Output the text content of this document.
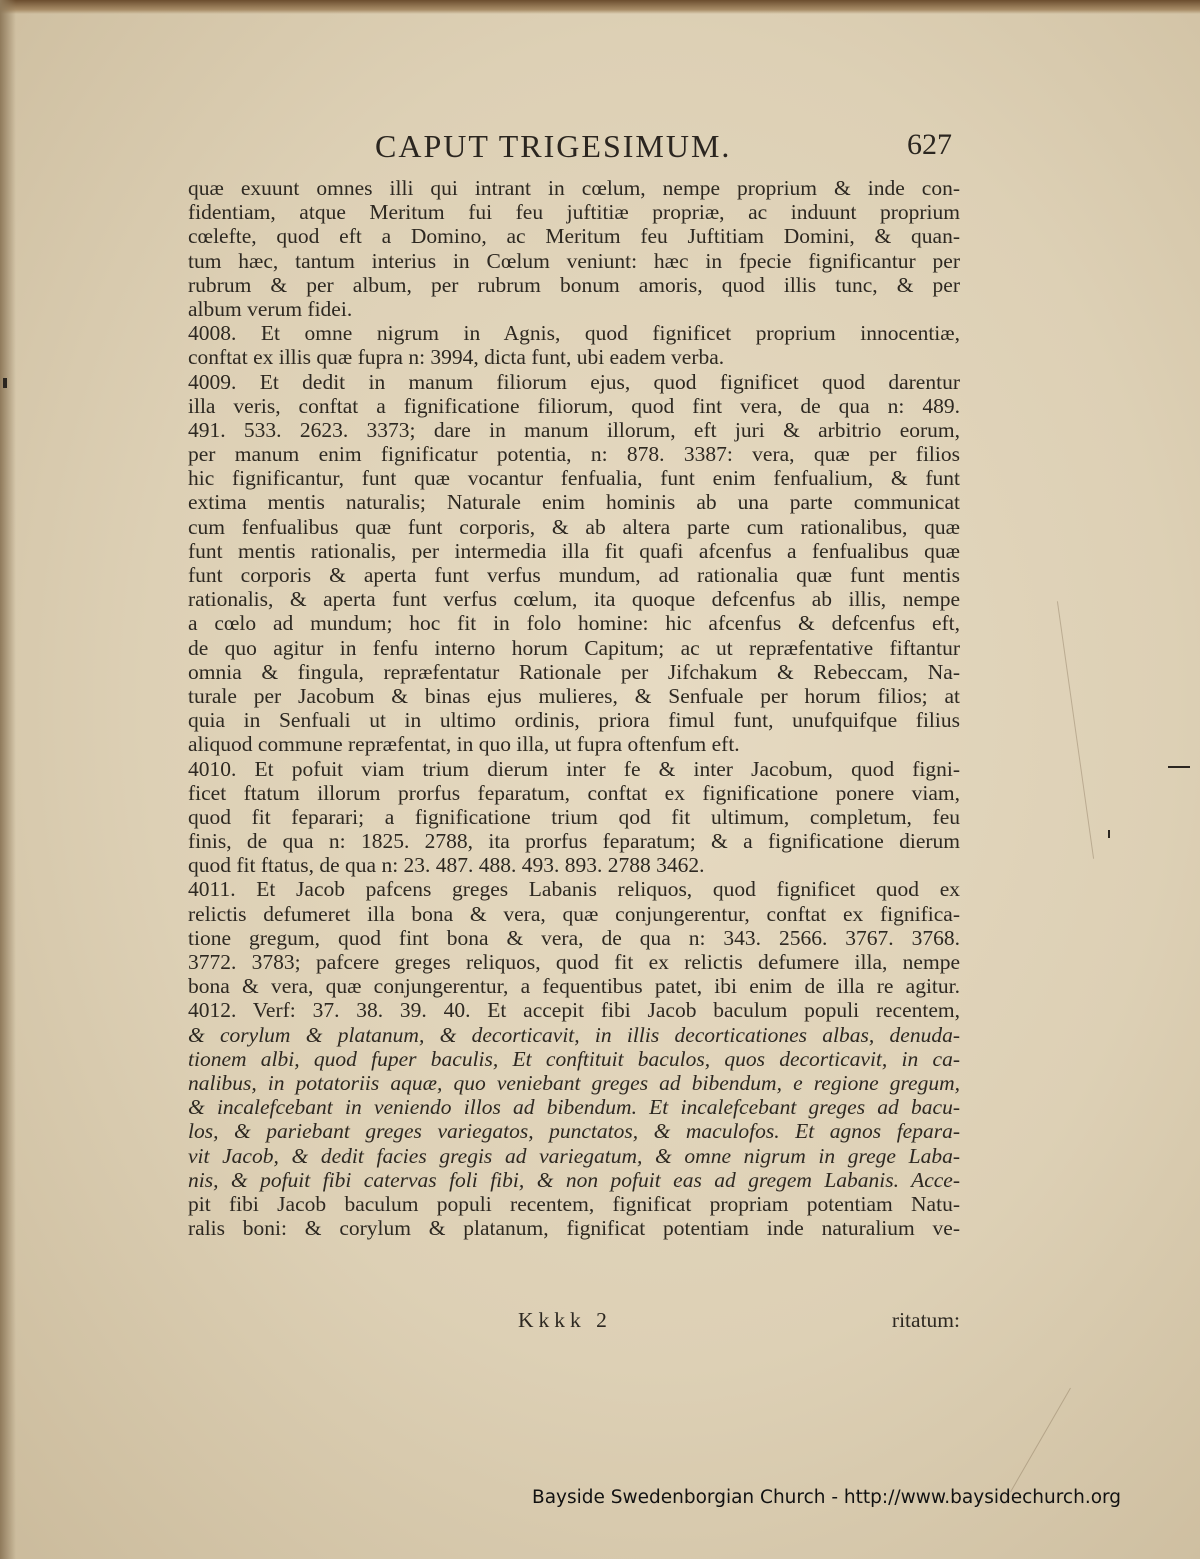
CAPUT TRIGESIMUM.	627
quæ exuunt omnes illi qui intrant in cœlum, nempe proprium & inde con-
fidentiam, atque Meritum fui feu juftitiæ propriæ, ac induunt proprium
cœlefte, quod eft a Domino, ac Meritum feu Juftitiam Domini, & quan-
tum hæc, tantum interius in Cœlum veniunt: hæc in fpecie fignificantur per
rubrum & per album, per rubrum bonum amoris, quod illis tunc, & per
album verum fidei.
4008. Et omne nigrum in Agnis, quod fignificet proprium innocentiæ,
conftat ex illis quæ fupra n: 3994, dicta funt, ubi eadem verba.
4009. Et dedit in manum filiorum ejus, quod fignificet quod darentur
illa veris, conftat a fignificatione filiorum, quod fint vera, de qua n: 489.
491. 533. 2623. 3373; dare in manum illorum, eft juri & arbitrio eorum,
per manum enim fignificatur potentia, n: 878. 3387: vera, quæ per filios
hic fignificantur, funt quæ vocantur fenfualia, funt enim fenfualium, & funt
extima mentis naturalis; Naturale enim hominis ab una parte communicat
cum fenfualibus quæ funt corporis, & ab altera parte cum rationalibus, quæ
funt mentis rationalis, per intermedia illa fit quafi afcenfus a fenfualibus quæ
funt corporis & aperta funt verfus mundum, ad rationalia quæ funt mentis
rationalis, & aperta funt verfus cœlum, ita quoque defcenfus ab illis, nempe
a cœlo ad mundum; hoc fit in folo homine: hic afcenfus & defcenfus eft,
de quo agitur in fenfu interno horum Capitum; ac ut repræfentative fiftantur
omnia & fingula, repræfentatur Rationale per Jifchakum & Rebeccam, Na-
turale per Jacobum & binas ejus mulieres, & Senfuale per horum filios; at
quia in Senfuali ut in ultimo ordinis, priora fimul funt, unufquifque filius
aliquod commune repræfentat, in quo illa, ut fupra oftenfum eft.
4010. Et pofuit viam trium dierum inter fe & inter Jacobum, quod figni-
ficet ftatum illorum prorfus feparatum, conftat ex fignificatione ponere viam,
quod fit feparari; a fignificatione trium qod fit ultimum, completum, feu
finis, de qua n: 1825. 2788, ita prorfus feparatum; & a fignificatione dierum
quod fit ftatus, de qua n: 23. 487. 488. 493. 893. 2788 3462.
4011. Et Jacob pafcens greges Labanis reliquos, quod fignificet quod ex
relictis defumeret illa bona & vera, quæ conjungerentur, conftat ex fignifica-
tione gregum, quod fint bona & vera, de qua n: 343. 2566. 3767. 3768.
3772. 3783; pafcere greges reliquos, quod fit ex relictis defumere illa, nempe
bona & vera, quæ conjungerentur, a fequentibus patet, ibi enim de illa re agitur.
4012. Verf: 37. 38. 39. 40. Et accepit fibi Jacob baculum populi recentem,
& corylum & platanum, & decorticavit, in illis decorticationes albas, denuda-
tionem albi, quod fuper baculis, Et conftituit baculos, quos decorticavit, in ca-
nalibus, in potatoriis aquæ, quo veniebant greges ad bibendum, e regione gregum,
& incalefcebant in veniendo illos ad bibendum. Et incalefcebant greges ad bacu-
los, & pariebant greges variegatos, punctatos, & maculofos. Et agnos fepara-
vit Jacob, & dedit facies gregis ad variegatum, & omne nigrum in grege Laba-
nis, & pofuit fibi catervas foli fibi, & non pofuit eas ad gregem Labanis. Acce-
pit fibi Jacob baculum populi recentem, fignificat propriam potentiam Natu-
ralis boni: & corylum & platanum, fignificat potentiam inde naturalium ve-
Kkkk 2	ritatum:
Bayside Swedenborgian Church - http://www.baysidechurch.org
